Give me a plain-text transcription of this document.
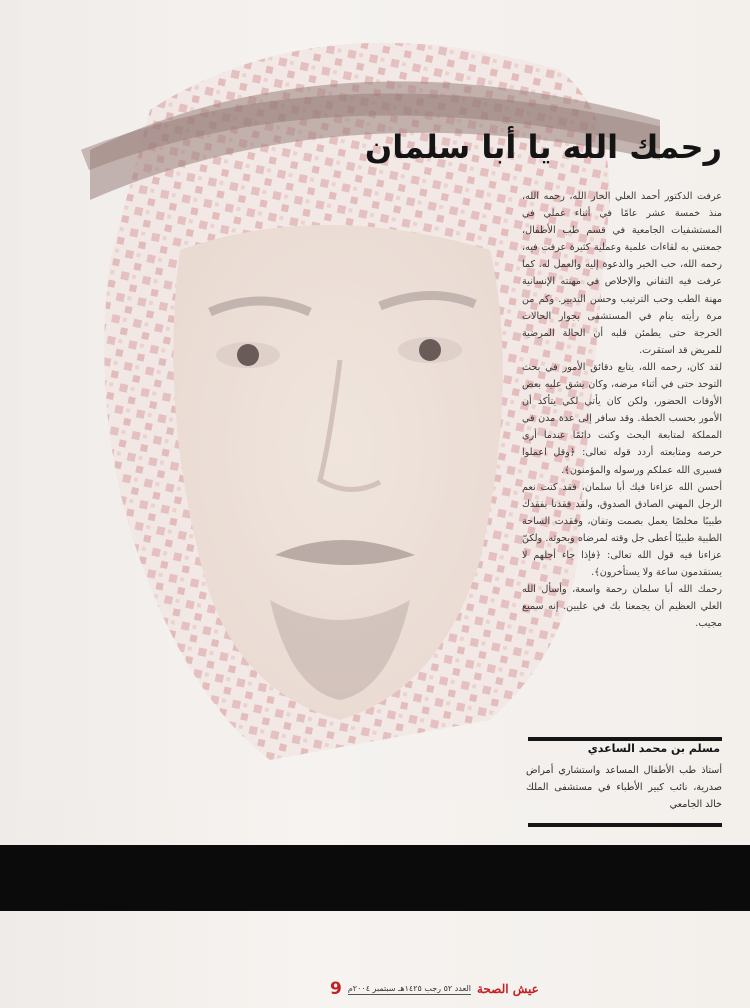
رحمك الله يا أبا سلمان

عرفت الدكتور أحمد العلي الحار الله، رحمه الله، منذ خمسة عشر عامًا في أثناء عملي في المستشفيات الجامعية في قسم طب الأطفال، جمعتني به لقاءات علمية وعملية كثيرة عرفت فيه، رحمه الله، حب الخير والدعوة إليه والعمل له. كما عرفت فيه التفاني والإخلاص في مهنته الإنسانية مهنة الطب وحب الترتيب وحسن التدبير. وكم من مرة رأيته ينام في المستشفى بجوار الحالات الحرجة حتى يطمئن قلبه أن الحالة المرضية للمريض قد استقرت.

لقد كان، رحمه الله، يتابع دقائق الأمور في بحث التوحد حتى في أثناء مرضه، وكان يشق عليه بعض الأوقات الحضور، ولكن كان يأتي لكي يتأكد أن الأمور بحسب الخطة. وقد سافر إلى عدة مدن في المملكة لمتابعة البحث وكنت دائمًا عندما أرى حرصه ومتابعته أردد قوله تعالى: ﴿وقل اعملوا فسيرى الله عملكم ورسوله والمؤمنون﴾.

أحسن الله عزاءنا فيك أبا سلمان، فقد كنت نعم الرجل المهني الصادق الصدوق، ولقد فقدنا بفقدك طبيبًا مخلصًا يعمل بصمت وتفان، وفقدت الساحة الطبية طبيبًا أعطى جل وقته لمرضاه وبحوثه. ولكنّ عزاءنا فيه قول الله تعالى: ﴿فإذا جاء أجلهم لا يستقدمون ساعة ولا يستأخرون﴾.

رحمك الله أبا سلمان رحمة واسعة، وأسأل الله العلي العظيم أن يجمعنا بك في عليين. إنه سميع مجيب.

مسلم بن محمد الساعدي
أستاذ طب الأطفال المساعد واستشاري أمراض صدرية، نائب كبير الأطباء في مستشفى الملك خالد الجامعي
9 العدد ٥٢ رجب ١٤٢٥هـ سبتمبر ٢٠٠٤م عيش الصحة
